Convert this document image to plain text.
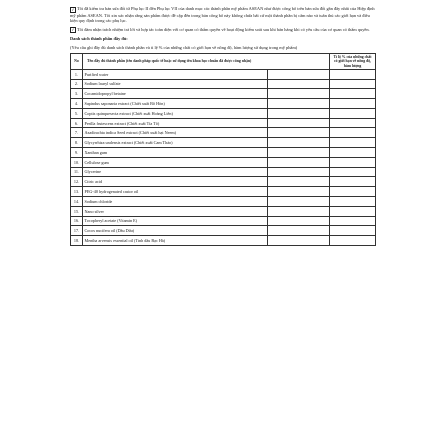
✓ Tôi đã kiểm tra bản sửa đổi từ Phụ lục II đến Phụ lục VII của danh mục các thành phần mỹ phẩm ASEAN như được công bố trên bản sửa đổi gần đây nhất của Hiệp định mỹ phẩm ASEAN. Tôi xin xác nhận rằng sản phẩm được đề cập đến trong bản công bố này không chứa bất cứ một thành phần bị cấm nào và tuân thủ các giới hạn và điều kiện quy định trong các phụ lục.

✓ Tôi đảm nhận trách nhiệm trả lời và hợp tác toàn diện với cơ quan có thẩm quyền về hoạt động kiểm soát sau khi bán hàng khi có yêu cầu của cơ quan có thẩm quyền.

Danh sách thành phần đầy đủ:

(Yêu cầu ghi đầy đủ danh sách thành phần và tỉ lệ % của những chất có giới hạn về nồng độ, hàm lượng sử dụng trong mỹ phẩm)

No	Tên đầy đủ thành phần (tên danh pháp quốc tế hoặc sử dụng tên khoa học chuẩn đã được công nhận)		Tỉ lệ % của những chất có giới hạn về nồng độ, hàm lượng
1.	Purified water		
2.	Sodium lauryl sulfate		
3.	Cocamidopropyl betaine		
4.	Sapindus saponaria extract (Chiết xuất Bồ Hòn)		
5.	Coptis quinquesecta extract (Chiết xuất Hoàng Liên)		
6.	Perilla frutescens extract (Chiết xuất Tía Tô)		
7.	Azadirachta indica Seed extract (Chiết xuất hạt Neem)		
8.	Glycyrrhiza uralensis extract (Chiết xuất Cam Thảo)		
9.	Xanthan gum		
10.	Cellulose gum		
11.	Glycerine		
12.	Citric acid		
13.	PEG-40 hydrogenated castor oil		
14.	Sodium chloride		
15.	Nano silver		
16.	Tocopheryl acetate (Vitamin E)		
17.	Cocos nucifera oil (Dầu Dừa)		
18.	Mentha arvensis essential oil (Tinh dầu Bạc Hà)		
